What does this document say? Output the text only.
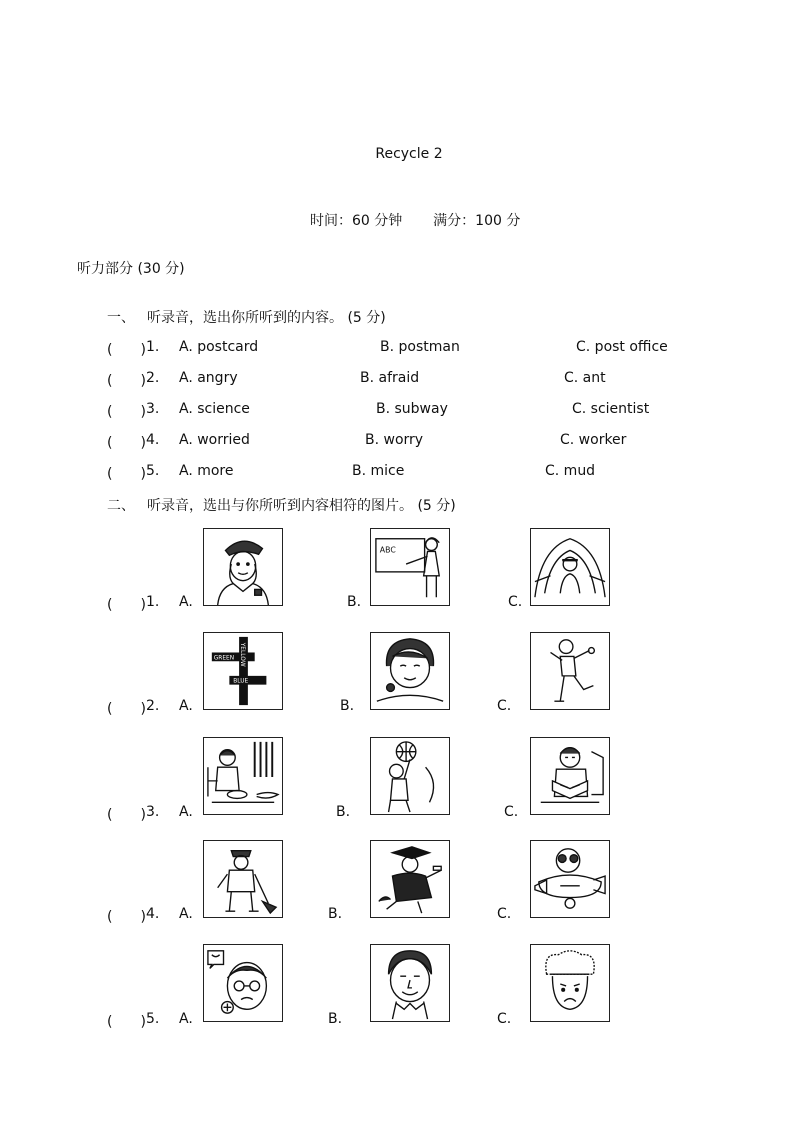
Recycle 2
时间：60 分钟 满分：100 分
听力部分 (30 分)
一、 听录音，选出你所听到的内容。 (5 分)
二、 听录音，选出与你所听到内容相符的图片。 (5 分)
(　　) 1. A. postcard	B. postman	C. post office
(　　) 2. A. angry	B. afraid	C. ant
(　　) 3. A. science	B. subway	C. scientist
(　　) 4. A. worried	B. worry	C. worker
(　　) 5. A. more	B. mice	C. mud
(　　) 1. A.	B.	C.
(　　) 2. A.	B.	C.
(　　) 3. A.	B.	C.
(　　) 4. A.	B.	C.
(　　) 5. A.	B.	C.
ABC
GREEN
BLUE
YELLOW
